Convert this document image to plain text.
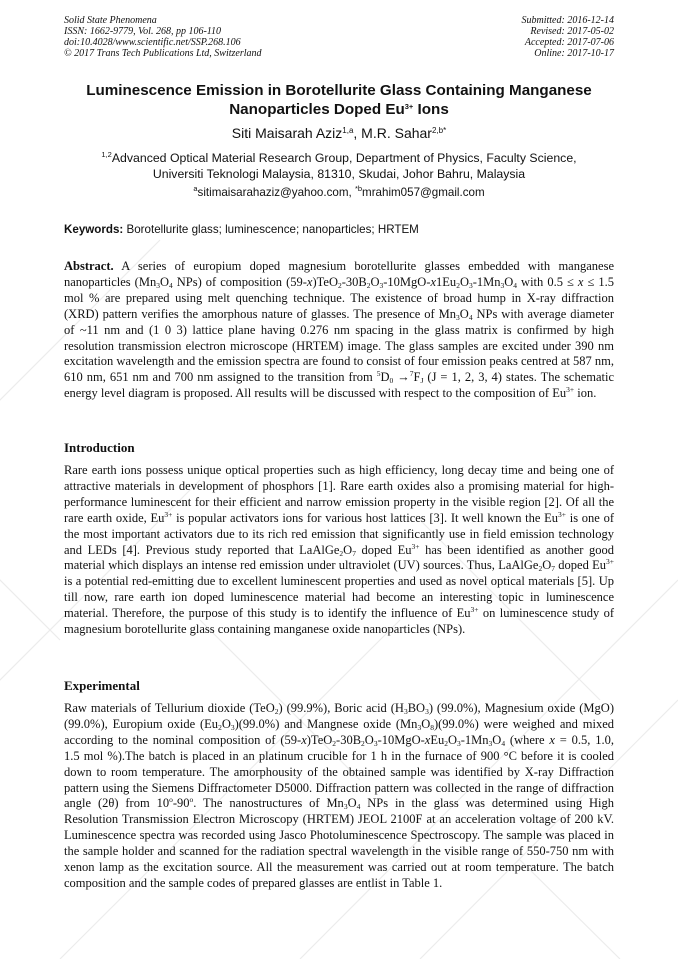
Solid State Phenomena
ISSN: 1662-9779, Vol. 268, pp 106-110
doi:10.4028/www.scientific.net/SSP.268.106
© 2017 Trans Tech Publications Ltd, Switzerland
Submitted: 2016-12-14
Revised: 2017-05-02
Accepted: 2017-07-06
Online: 2017-10-17
Luminescence Emission in Borotellurite Glass Containing Manganese
Nanoparticles Doped $Eu^{3+}$ Ions
Siti Maisarah Aziz$^{1,a}$, M.R. Sahar$^{2,b*}$
$^{1,2}$Advanced Optical Material Research Group, Department of Physics, Faculty Science,
Universiti Teknologi Malaysia, 81310, Skudai, Johor Bahru, Malaysia
$^a$sitimaisarahaziz@yahoo.com, $^{*b}$mrahim057@gmail.com
Keywords: Borotellurite glass; luminescence; nanoparticles; HRTEM

Abstract. A series of europium doped magnesium borotellurite glasses embedded with manganese nanoparticles ($Mn_3O_4$ NPs) of composition $(59-x)TeO_2-30B_2O_3-10MgO-x1Eu_2O_3-1Mn_3O_4$ with 0.5 ≤ x ≤ 1.5 mol % are prepared using melt quenching technique. The existence of broad hump in X-ray diffraction (XRD) pattern verifies the amorphous nature of glasses. The presence of $Mn_3O_4$ NPs with average diameter of ~11 nm and (1 0 3) lattice plane having 0.276 nm spacing in the glass matrix is confirmed by high resolution transmission electron microscope (HRTEM) image. The glass samples are excited under 390 nm excitation wavelength and the emission spectra are found to consist of four emission peaks centred at 587 nm, 610 nm, 651 nm and 700 nm assigned to the transition from $^5D_0 \to^7F_J$ (J = 1, 2, 3, 4) states. The schematic energy level diagram is proposed. All results will be discussed with respect to the composition of $Eu^{3+}$ ion.

Introduction

Rare earth ions possess unique optical properties such as high efficiency, long decay time and being one of attractive materials in development of phosphors [1]. Rare earth oxides also a promising material for high-performance luminescent for their efficient and narrow emission property in the visible region [2]. Of all the rare earth oxide, $Eu^{3+}$ is popular activators ions for various host lattices [3]. It well known the $Eu^{3+}$ is one of the most important activators due to its rich red emission that significantly use in field emission technology and LEDs [4]. Previous study reported that $LaAlGe_2O_7$ doped $Eu^{3+}$ has been identified as another good material which displays an intense red emission under ultraviolet (UV) sources. Thus, $LaAlGe_2O_7$ doped $Eu^{3+}$ is a potential red-emitting due to excellent luminescent properties and used as novel optical materials [5]. Up till now, rare earth ion doped luminescence material had become an interesting topic in luminescence material. Therefore, the purpose of this study is to identify the influence of $Eu^{3+}$ on luminescence study of magnesium borotellurite glass containing manganese oxide nanoparticles (NPs).

Experimental

Raw materials of Tellurium dioxide (TeO$_2$) (99.9%), Boric acid $(H_3BO_3)$ (99.0%), Magnesium oxide (MgO) (99.0%), Europium oxide $(Eu_2O_3)(99.0\%)$ and Mangnese oxide $(Mn_3O_8)(99.0\%)$ were weighed and mixed according to the nominal composition of $(59-x)TeO_2-30B_2O_3-10MgO-xEu_2O_3-1Mn_3O_4$ (where x = 0.5, 1.0, 1.5 mol %).The batch is placed in an platinum crucible for 1 h in the furnace of 900 °C before it is cooled down to room temperature. The amorphousity of the obtained sample was identified by X-ray Diffraction pattern using the Siemens Diffractometer D5000. Diffraction pattern was collected in the range of diffraction angle (2θ) from 10$^o$-90$^o$. The nanostructures of $Mn_3O_4$ NPs in the glass was determined using High Resolution Transmission Electron Microscopy (HRTEM) JEOL 2100F at an acceleration voltage of 200 kV. Luminescence spectra was recorded using Jasco Photoluminescence Spectroscopy. The sample was placed in the sample holder and scanned for the radiation spectral wavelength in the visible range of 550-750 nm with xenon lamp as the excitation source. All the measurement was carried out at room temperature. The batch composition and the sample codes of prepared glasses are entlist in Table 1.
